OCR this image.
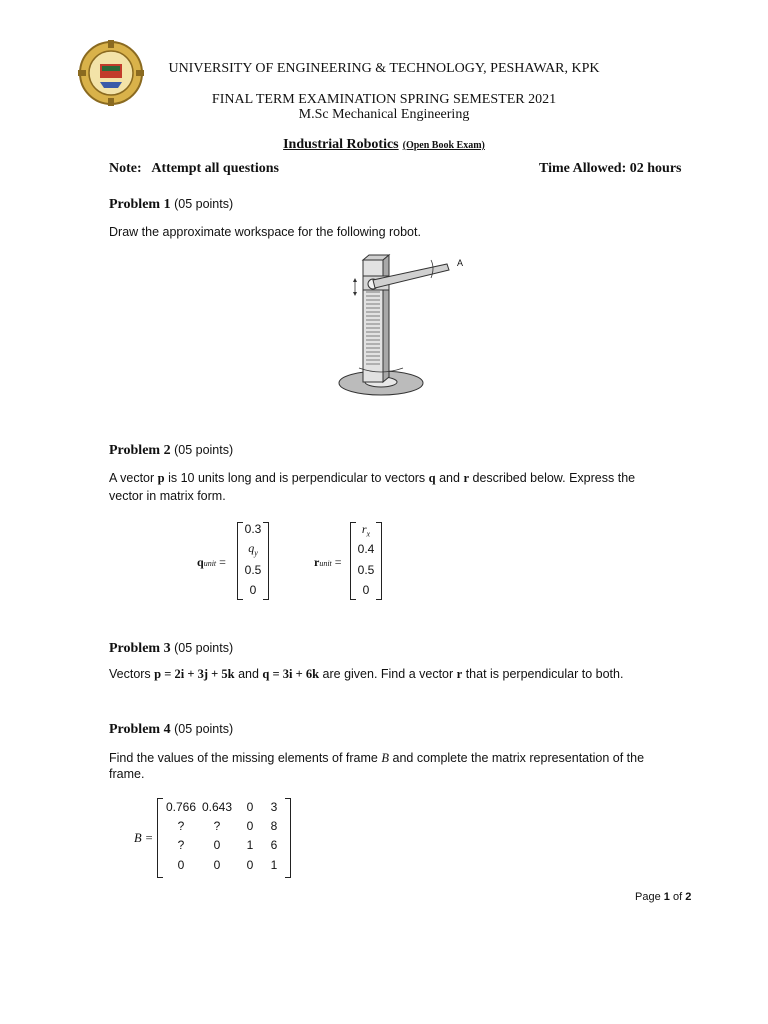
UNIVERSITY OF ENGINEERING & TECHNOLOGY, PESHAWAR, KPK
FINAL TERM EXAMINATION SPRING SEMESTER 2021
M.Sc Mechanical Engineering
Industrial Robotics (Open Book Exam)
Note: Attempt all questions	Time Allowed: 02 hours
Problem 1 (05 points)
Draw the approximate workspace for the following robot.
A
Problem 2 (05 points)
A vector p is 10 units long and is perpendicular to vectors q and r described below. Express the
vector in matrix form.
qunit =
0.3
$q_y$
0.5
0
runit =
$r_x$
0.4
0.5
0
Problem 3 (05 points)
Vectors p = 2i + 3j + 5k and q = 3i + 6k are given. Find a vector r that is perpendicular to both.
Problem 4 (05 points)
Find the values of the missing elements of frame B and complete the matrix representation of the
frame.
B =
0.766 0.643	0	3
?	?	0	8
?	0	1	6
0	0	0	1
Page 1 of 2
